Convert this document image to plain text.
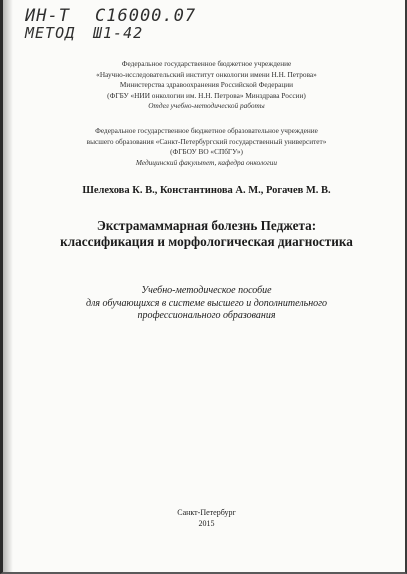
ИН-Т С16000.07
МЕТОД Ш1-42
Федеральное государственное бюджетное учреждение
«Научно-исследовательский институт онкологии имени Н.Н. Петрова»
Министерства здравоохранения Российской Федерации
(ФГБУ «НИИ онкологии им. Н.Н. Петрова» Минздрава России)
Отдел учебно-методической работы
Федеральное государственное бюджетное образовательное учреждение
высшего образования «Санкт-Петербургский государственный университет»
(ФГБОУ ВО «СПбГУ»)
Медицинский факультет, кафедра онкологии
Шелехова К. В., Константинова А. М., Рогачев М. В.
Экстрамаммарная болезнь Педжета:
классификация и морфологическая диагностика
Учебно-методическое пособие
для обучающихся в системе высшего и дополнительного
профессионального образования
Санкт-Петербург
2015
